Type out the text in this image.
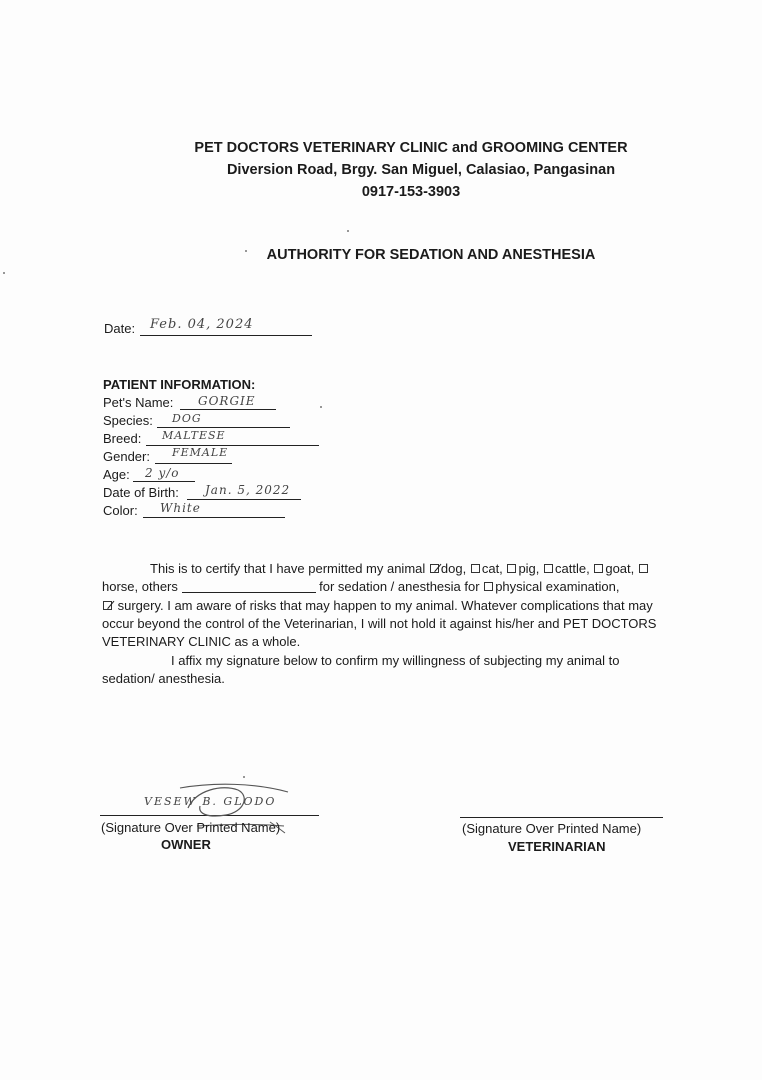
PET DOCTORS VETERINARY CLINIC and GROOMING CENTER
Diversion Road, Brgy. San Miguel, Calasiao, Pangasinan
0917-153-3903
AUTHORITY FOR SEDATION AND ANESTHESIA
Date: Feb. 04, 2024
PATIENT INFORMATION:
Pet's Name: GORGIE
Species: DOG
Breed: MALTESE
Gender: FEMALE
Age: 2 y/o
Date of Birth: Jan. 5, 2022
Color: White
This is to certify that I have permitted my animal dog, cat, pig, cattle, goat,
horse, others	for sedation / anesthesia for physical examination,
surgery. I am aware of risks that may happen to my animal. Whatever complications that may
occur beyond the control of the Veterinarian, I will not hold it against his/her and PET DOCTORS
VETERINARY CLINIC as a whole.
I affix my signature below to confirm my willingness of subjecting my animal to
sedation/ anesthesia.
VESEW B. GLODO
(Signature Over Printed Name)
OWNER
(Signature Over Printed Name)
VETERINARIAN
